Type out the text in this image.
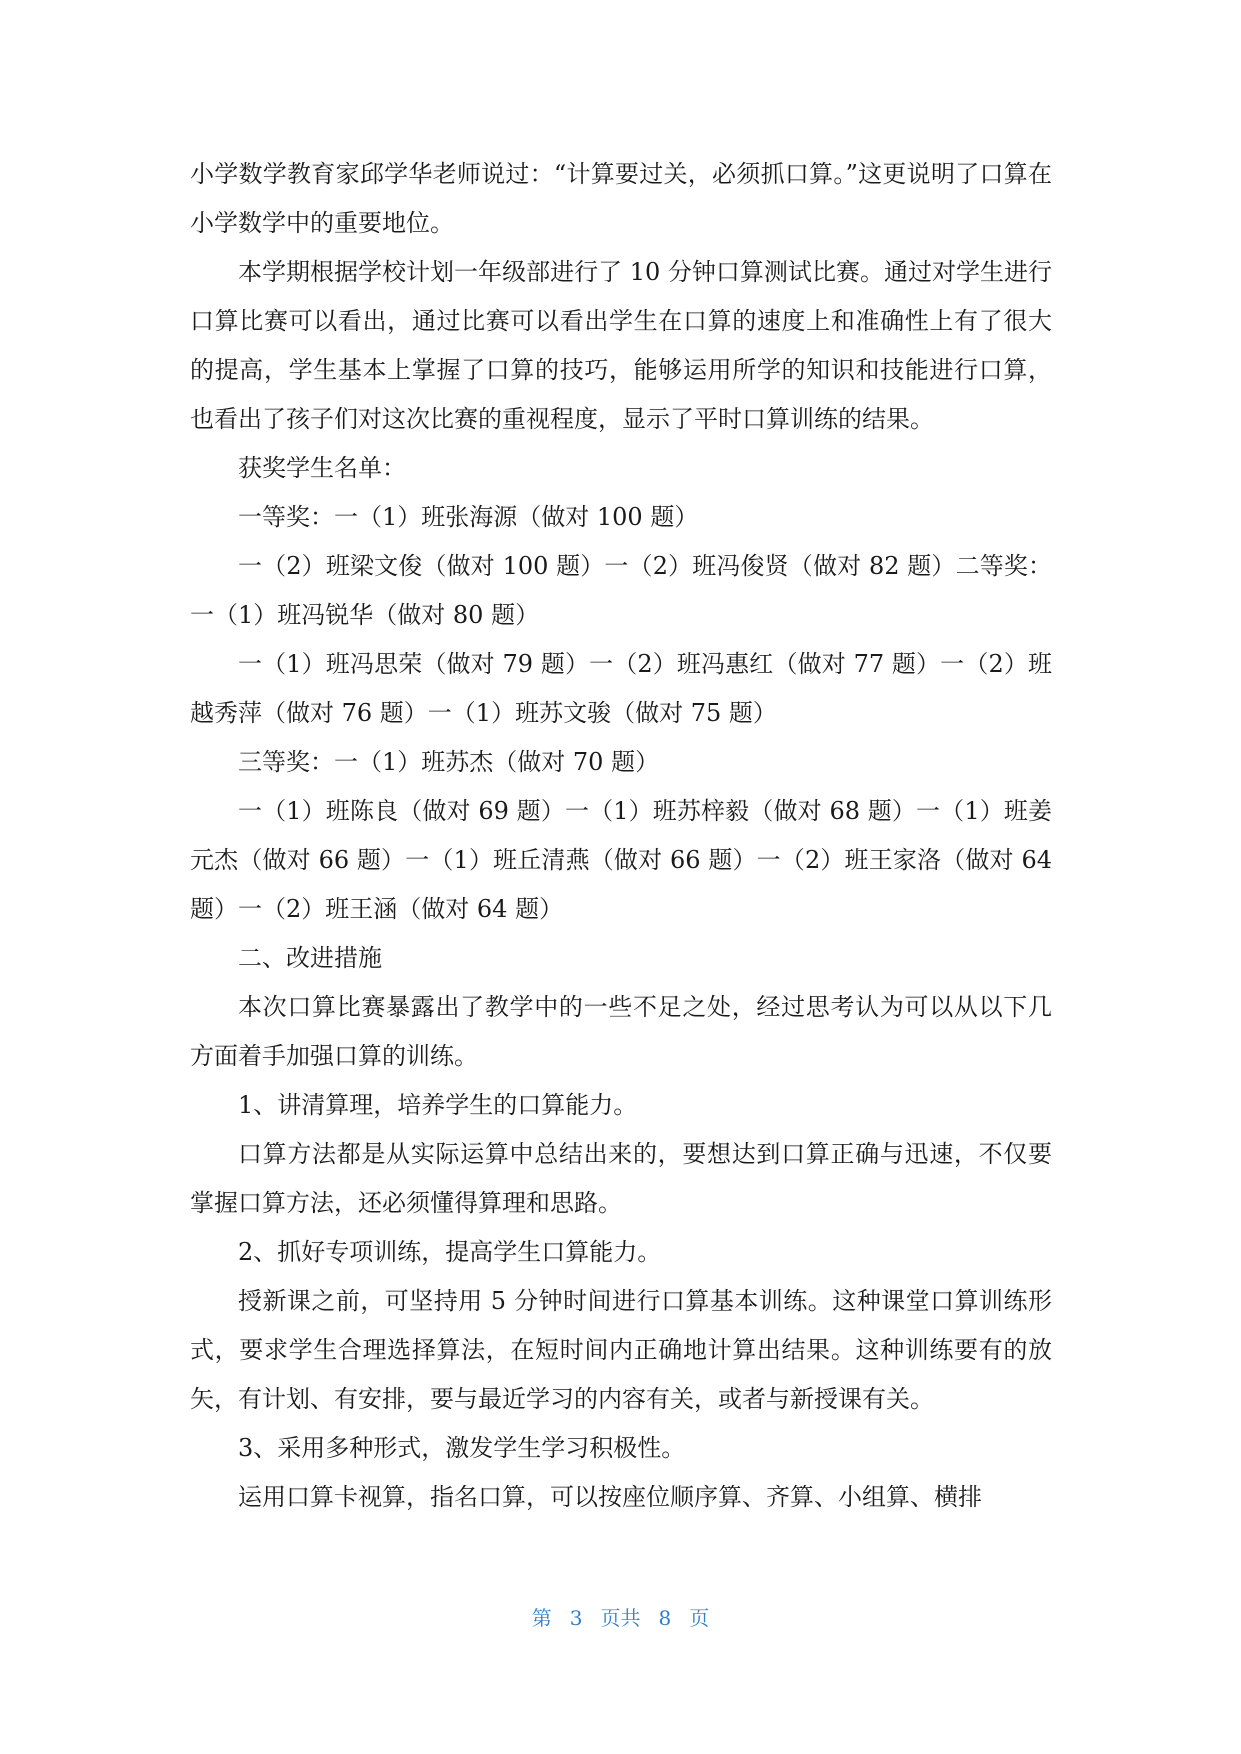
小学数学教育家邱学华老师说过：“计算要过关，必须抓口算。”这更说明了口算在小学数学中的重要地位。

本学期根据学校计划一年级部进行了 10 分钟口算测试比赛。通过对学生进行口算比赛可以看出，通过比赛可以看出学生在口算的速度上和准确性上有了很大的提高，学生基本上掌握了口算的技巧，能够运用所学的知识和技能进行口算，也看出了孩子们对这次比赛的重视程度，显示了平时口算训练的结果。

获奖学生名单：

一等奖：一（1）班张海源（做对 100 题）

一（2）班梁文俊（做对 100 题）一（2）班冯俊贤（做对 82 题）二等奖：一（1）班冯锐华（做对 80 题）

一（1）班冯思荣（做对 79 题）一（2）班冯惠红（做对 77 题）一（2）班越秀萍（做对 76 题）一（1）班苏文骏（做对 75 题）

三等奖：一（1）班苏杰（做对 70 题）

一（1）班陈良（做对 69 题）一（1）班苏梓毅（做对 68 题）一（1）班姜元杰（做对 66 题）一（1）班丘清燕（做对 66 题）一（2）班王家洛（做对 64 题）一（2）班王涵（做对 64 题）

二、改进措施

本次口算比赛暴露出了教学中的一些不足之处，经过思考认为可以从以下几方面着手加强口算的训练。

1、讲清算理，培养学生的口算能力。

口算方法都是从实际运算中总结出来的，要想达到口算正确与迅速，不仅要掌握口算方法，还必须懂得算理和思路。

2、抓好专项训练，提高学生口算能力。

授新课之前，可坚持用 5 分钟时间进行口算基本训练。这种课堂口算训练形式，要求学生合理选择算法，在短时间内正确地计算出结果。这种训练要有的放矢，有计划、有安排，要与最近学习的内容有关，或者与新授课有关。

3、采用多种形式，激发学生学习积极性。

运用口算卡视算，指名口算，可以按座位顺序算、齐算、小组算、横排

第 3 页共 8 页
